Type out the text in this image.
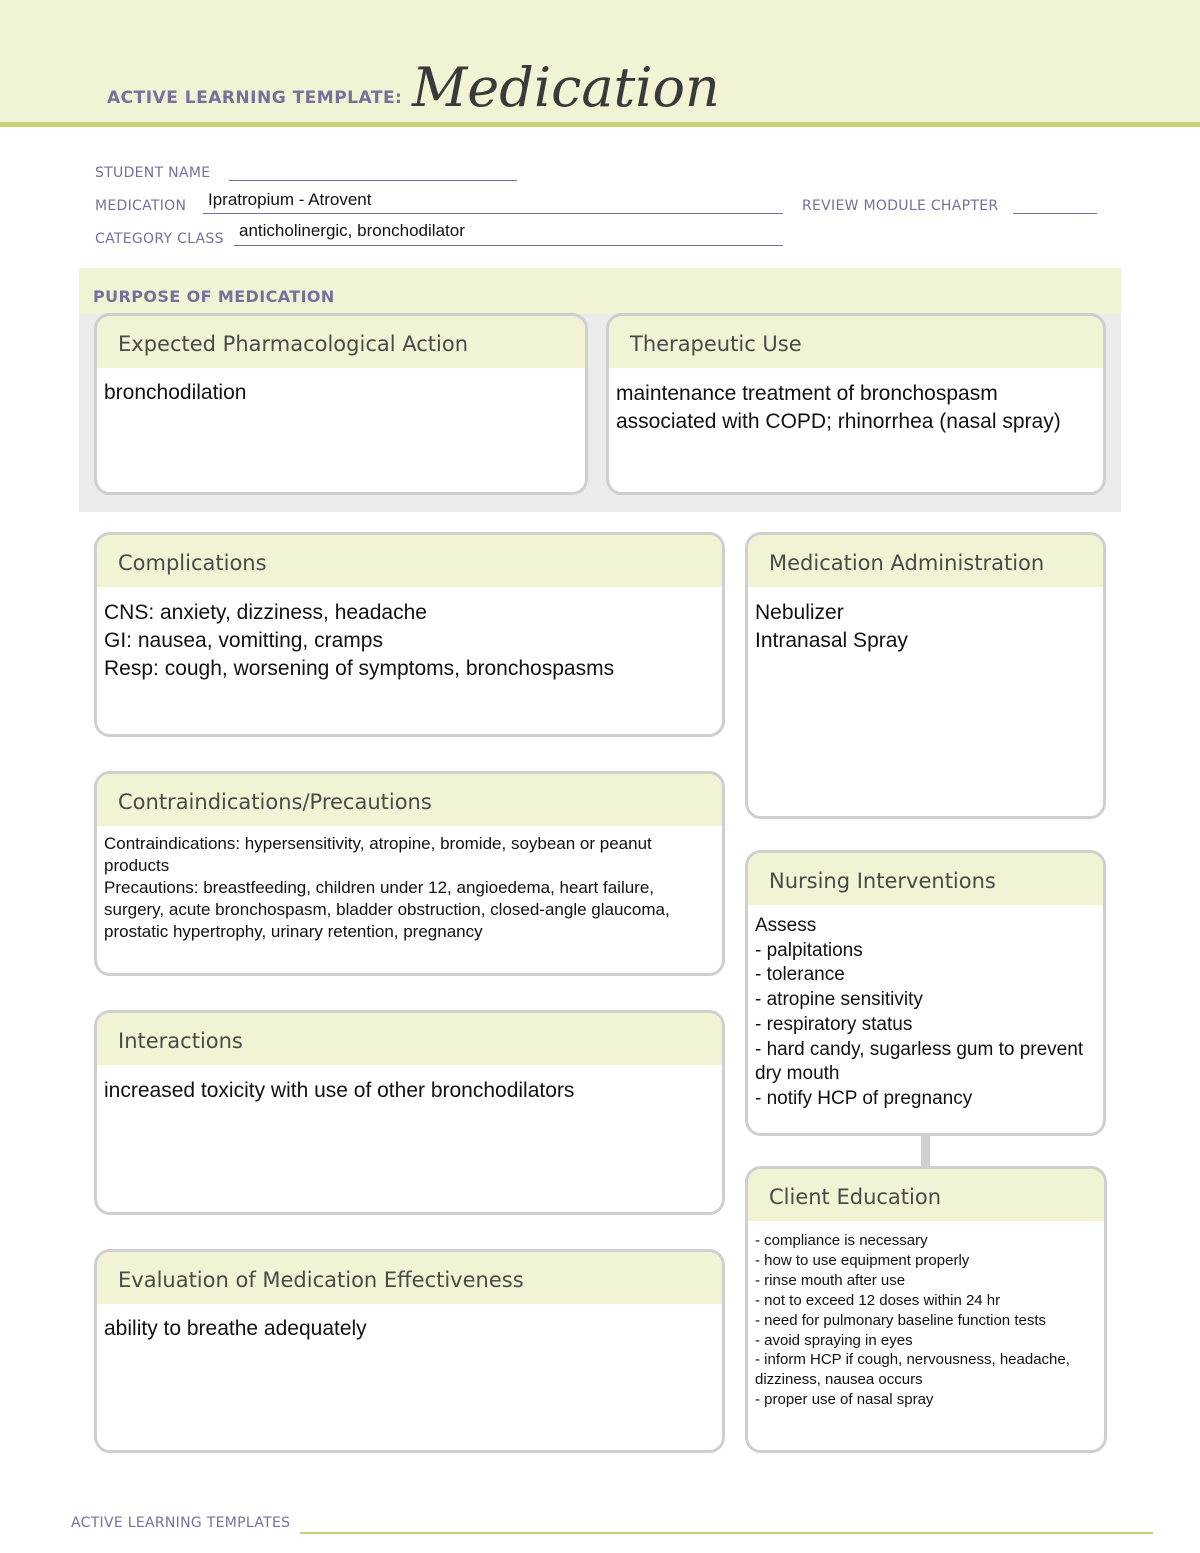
ACTIVE LEARNING TEMPLATE: Medication
STUDENT NAME
MEDICATION Ipratropium - Atrovent	REVIEW MODULE CHAPTER
CATEGORY CLASS anticholinergic, bronchodilator
PURPOSE OF MEDICATION
Expected Pharmacological Action
bronchodilation
Therapeutic Use
maintenance treatment of bronchospasm associated with COPD; rhinorrhea (nasal spray)
Complications
CNS: anxiety, dizziness, headache
GI: nausea, vomitting, cramps
Resp: cough, worsening of symptoms, bronchospasms
Contraindications/Precautions
Contraindications: hypersensitivity, atropine, bromide, soybean or peanut products
Precautions: breastfeeding, children under 12, angioedema, heart failure, surgery, acute bronchospasm, bladder obstruction, closed-angle glaucoma, prostatic hypertrophy, urinary retention, pregnancy
Interactions
increased toxicity with use of other bronchodilators
Evaluation of Medication Effectiveness
ability to breathe adequately
Medication Administration
Nebulizer
Intranasal Spray
Nursing Interventions
Assess
- palpitations
- tolerance
- atropine sensitivity
- respiratory status
- hard candy, sugarless gum to prevent dry mouth
- notify HCP of pregnancy
Client Education
- compliance is necessary
- how to use equipment properly
- rinse mouth after use
- not to exceed 12 doses within 24 hr
- need for pulmonary baseline function tests
- avoid spraying in eyes
- inform HCP if cough, nervousness, headache, dizziness, nausea occurs
- proper use of nasal spray
ACTIVE LEARNING TEMPLATES
